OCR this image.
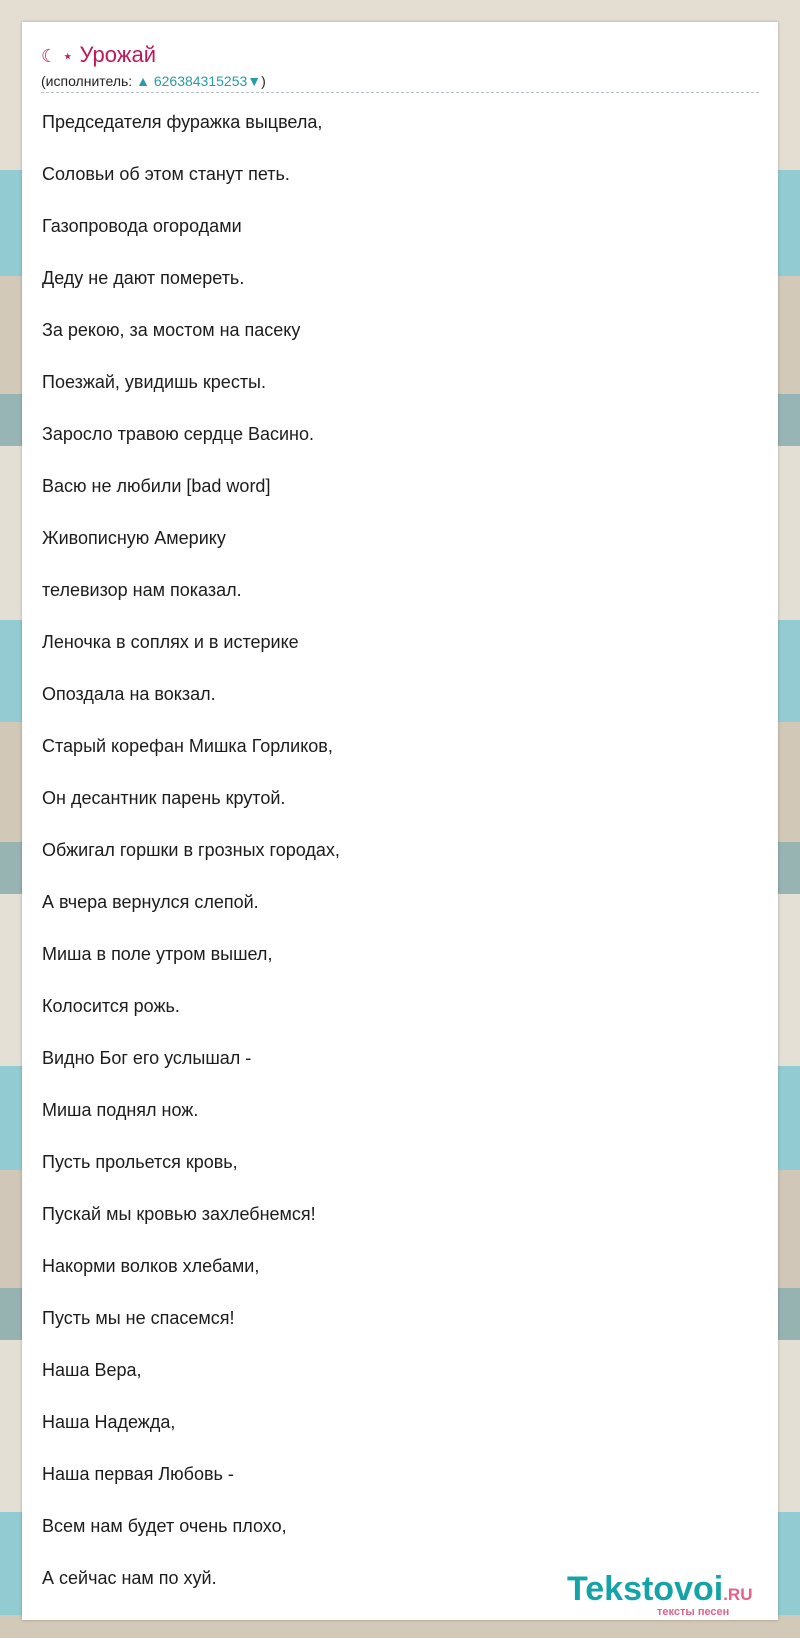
☾ ⋆ Урожай
(исполнитель: ▲ 626384315253▼)
Председателя фуражка выцвела,
Соловьи об этом станут петь.
Газопровода огородами
Деду не дают помереть.
За рекою, за мостом на пасеку
Поезжай, увидишь кресты.
Заросло травою сердце Васино.
Васю не любили [bad word]
Живописную Америку
телевизор нам показал.
Леночка в соплях и в истерике
Опоздала на вокзал.
Старый корефан Мишка Горликов,
Он десантник парень крутой.
Обжигал горшки в грозных городах,
А вчера вернулся слепой.
Миша в поле утром вышел,
Колосится рожь.
Видно Бог его услышал -
Миша поднял нож.
Пусть прольется кровь,
Пускай мы кровью захлебнемся!
Накорми волков хлебами,
Пусть мы не спасемся!
Наша Вера,
Наша Надежда,
Наша первая Любовь -
Всем нам будет очень плохо,
А сейчас нам по хуй.	Tekstovoi.RU
тексты песен
